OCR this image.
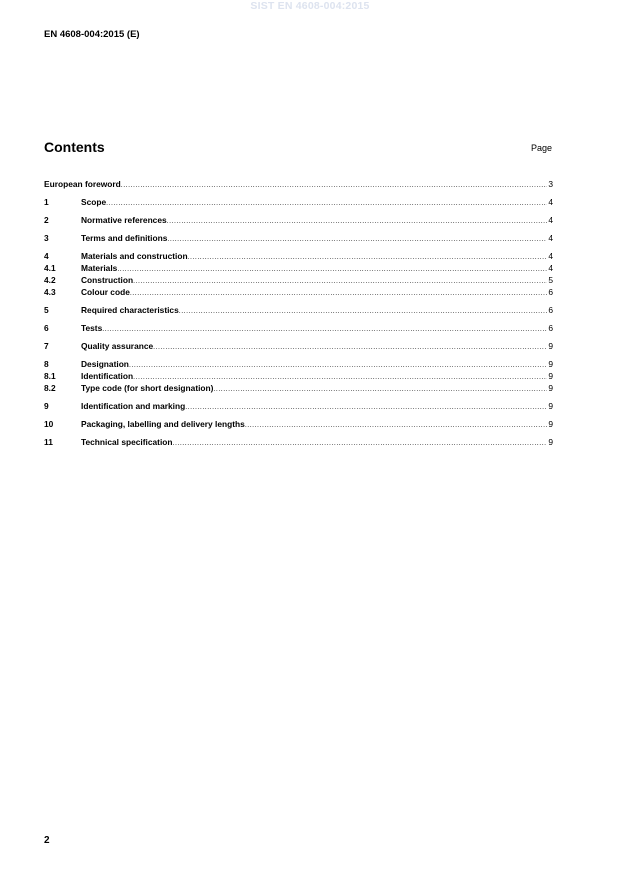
SIST EN 4608-004:2015
EN 4608-004:2015 (E)
Contents	Page
European foreword .....	3
1	Scope .....	4
2	Normative references .....	4
3	Terms and definitions .....	4
4	Materials and construction .....	4
4.1	Materials .....	4
4.2	Construction .....	5
4.3	Colour code .....	6
5	Required characteristics .....	6
6	Tests .....	6
7	Quality assurance .....	9
8	Designation .....	9
8.1	Identification .....	9
8.2	Type code (for short designation) .....	9
9	Identification and marking .....	9
10	Packaging, labelling and delivery lengths .....	9
11	Technical specification .....	9
2
